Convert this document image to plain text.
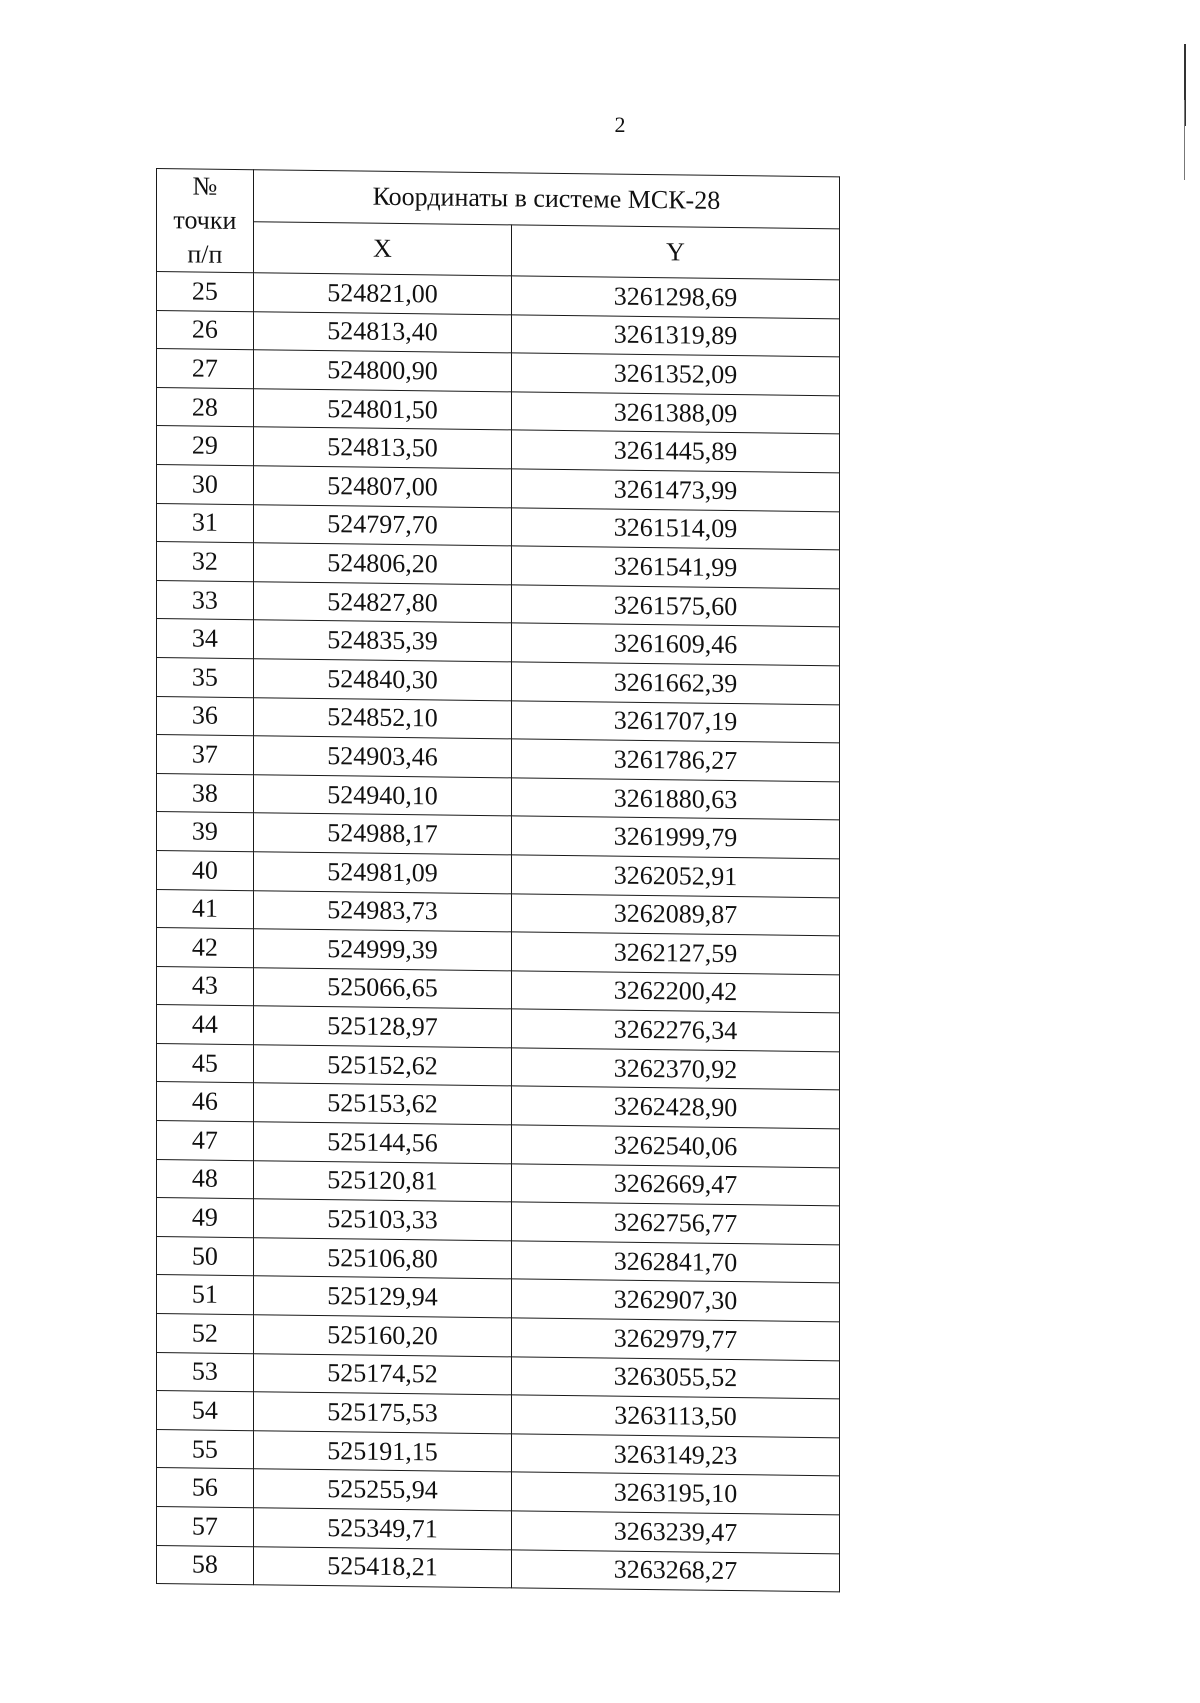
2
№
точки
п/п	Координаты в системе МСК-28	
	X	Y
25	524821,00	3261298,69
26	524813,40	3261319,89
27	524800,90	3261352,09
28	524801,50	3261388,09
29	524813,50	3261445,89
30	524807,00	3261473,99
31	524797,70	3261514,09
32	524806,20	3261541,99
33	524827,80	3261575,60
34	524835,39	3261609,46
35	524840,30	3261662,39
36	524852,10	3261707,19
37	524903,46	3261786,27
38	524940,10	3261880,63
39	524988,17	3261999,79
40	524981,09	3262052,91
41	524983,73	3262089,87
42	524999,39	3262127,59
43	525066,65	3262200,42
44	525128,97	3262276,34
45	525152,62	3262370,92
46	525153,62	3262428,90
47	525144,56	3262540,06
48	525120,81	3262669,47
49	525103,33	3262756,77
50	525106,80	3262841,70
51	525129,94	3262907,30
52	525160,20	3262979,77
53	525174,52	3263055,52
54	525175,53	3263113,50
55	525191,15	3263149,23
56	525255,94	3263195,10
57	525349,71	3263239,47
58	525418,21	3263268,27
